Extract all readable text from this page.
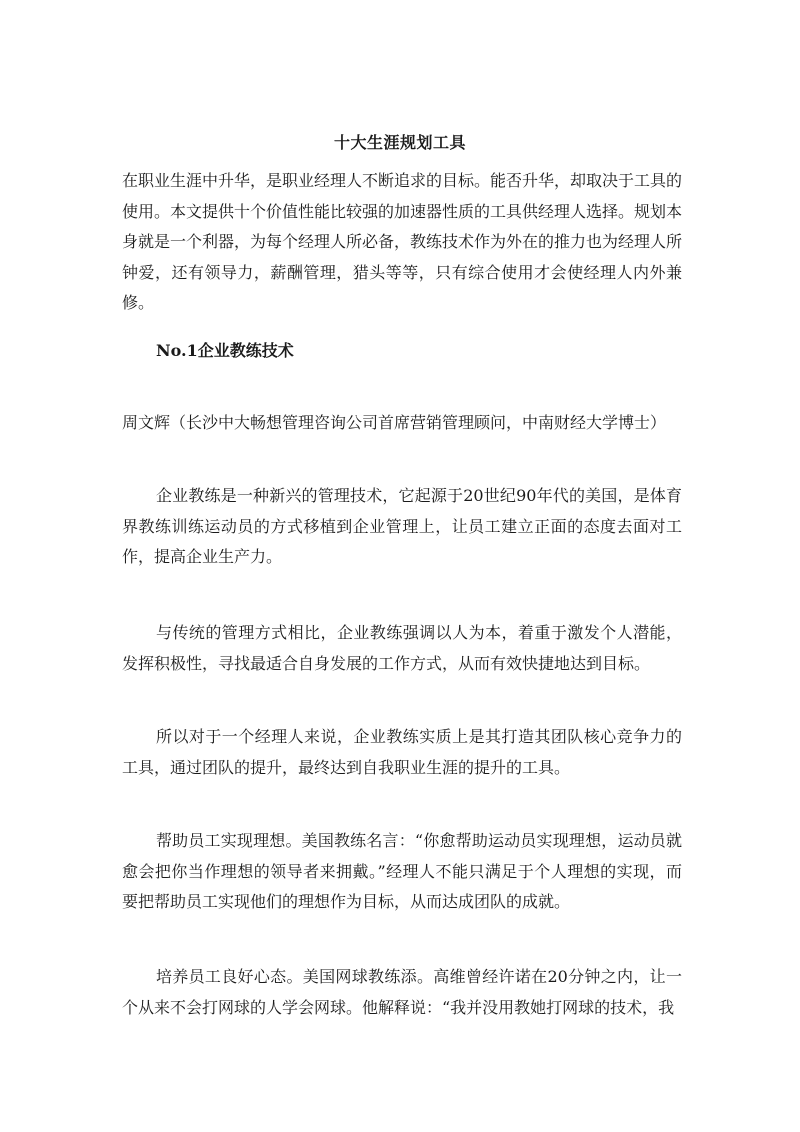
十大生涯规划工具

在职业生涯中升华，是职业经理人不断追求的目标。能否升华，却取决于工具的使用。本文提供十个价值性能比较强的加速器性质的工具供经理人选择。规划本身就是一个利器，为每个经理人所必备，教练技术作为外在的推力也为经理人所钟爱，还有领导力，薪酬管理，猎头等等，只有综合使用才会使经理人内外兼修。

No.1企业教练技术

周文辉（长沙中大畅想管理咨询公司首席营销管理顾问，中南财经大学博士）

企业教练是一种新兴的管理技术，它起源于20世纪90年代的美国，是体育界教练训练运动员的方式移植到企业管理上，让员工建立正面的态度去面对工作，提高企业生产力。

与传统的管理方式相比，企业教练强调以人为本，着重于激发个人潜能，发挥积极性，寻找最适合自身发展的工作方式，从而有效快捷地达到目标。

所以对于一个经理人来说，企业教练实质上是其打造其团队核心竞争力的工具，通过团队的提升，最终达到自我职业生涯的提升的工具。

帮助员工实现理想。美国教练名言：“你愈帮助运动员实现理想，运动员就愈会把你当作理想的领导者来拥戴。”经理人不能只满足于个人理想的实现，而要把帮助员工实现他们的理想作为目标，从而达成团队的成就。

培养员工良好心态。美国网球教练添。高维曾经许诺在20分钟之内，让一个从来不会打网球的人学会网球。他解释说：“我并没用教她打网球的技术，我
